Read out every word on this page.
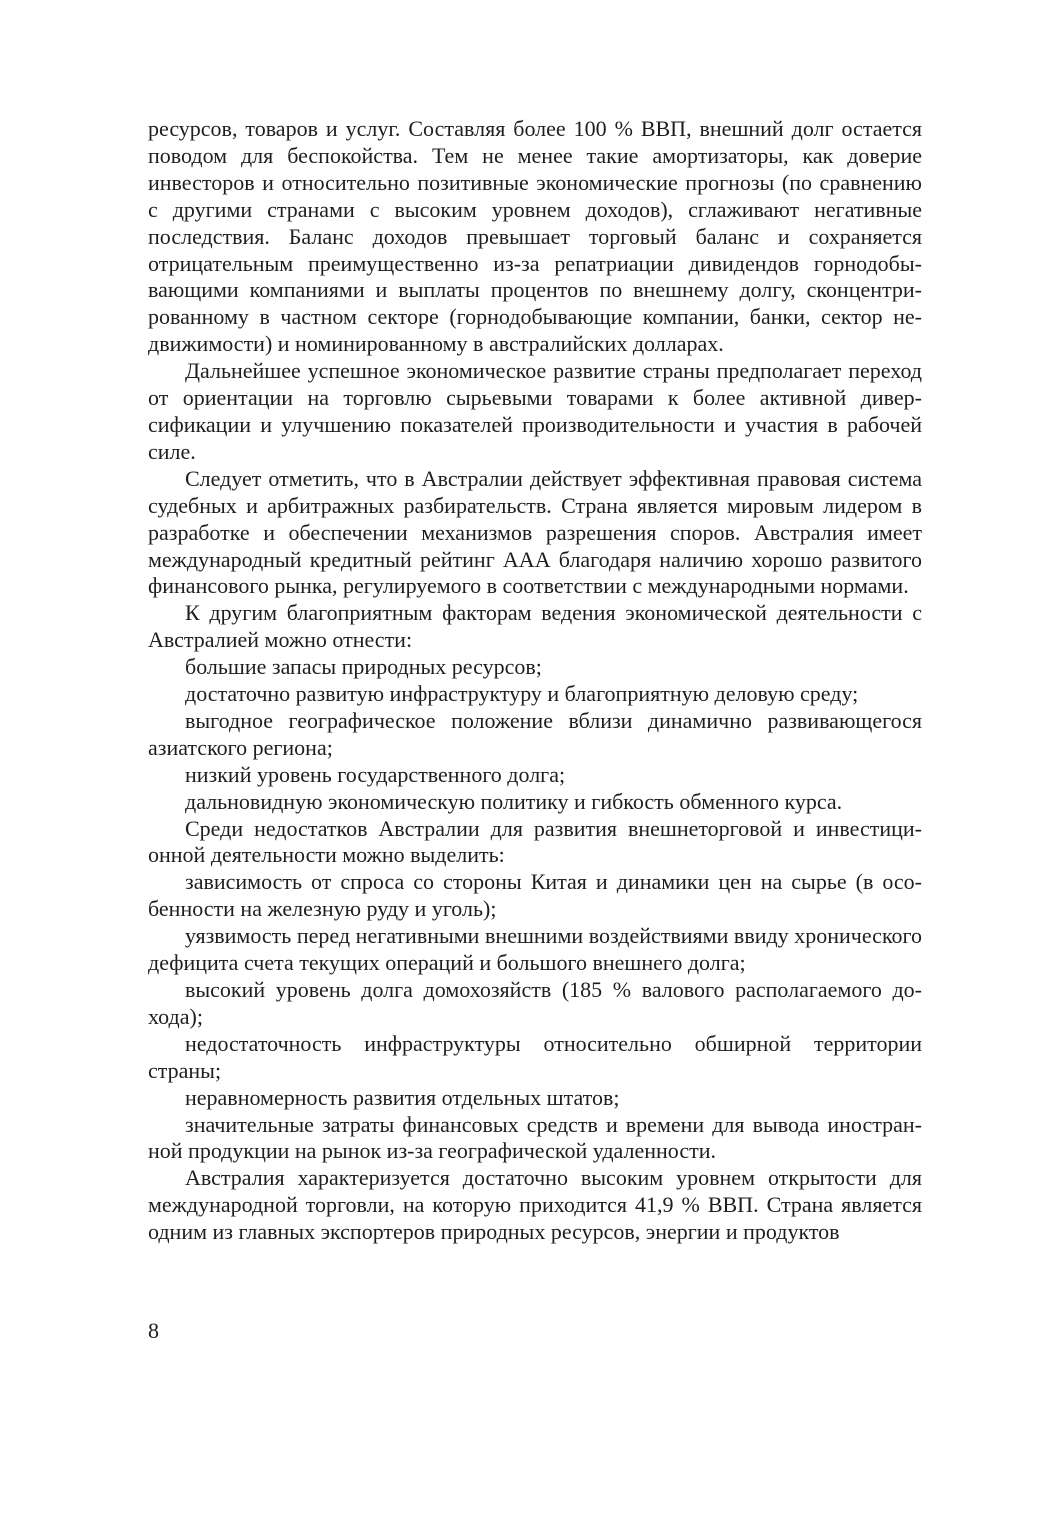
ресурсов, товаров и услуг. Составляя более 100 % ВВП, внешний долг остается поводом для беспокойства. Тем не менее такие амортизаторы, как доверие инвесторов и относительно позитивные экономические прогнозы (по сравнению с другими странами с высоким уровнем доходов), сглаживают негативные последствия. Баланс доходов превышает торговый баланс и сохраняется отрицательным преимущественно из-за репатриации дивидендов горнодобывающими компаниями и выплаты процентов по внешнему долгу, сконцентрированному в частном секторе (горнодобывающие компании, банки, сектор недвижимости) и номинированному в австралийских долларах.

Дальнейшее успешное экономическое развитие страны предполагает переход от ориентации на торговлю сырьевыми товарами к более активной диверсификации и улучшению показателей производительности и участия в рабочей силе.

Следует отметить, что в Австралии действует эффективная правовая система судебных и арбитражных разбирательств. Страна является мировым лидером в разработке и обеспечении механизмов разрешения споров. Австралия имеет международный кредитный рейтинг ААА благодаря наличию хорошо развитого финансового рынка, регулируемого в соответствии с международными нормами.

К другим благоприятным факторам ведения экономической деятельности с Австралией можно отнести:

большие запасы природных ресурсов;

достаточно развитую инфраструктуру и благоприятную деловую среду;

выгодное географическое положение вблизи динамично развивающегося азиатского региона;

низкий уровень государственного долга;

дальновидную экономическую политику и гибкость обменного курса.

Среди недостатков Австралии для развития внешнеторговой и инвестиционной деятельности можно выделить:

зависимость от спроса со стороны Китая и динамики цен на сырье (в особенности на железную руду и уголь);

уязвимость перед негативными внешними воздействиями ввиду хронического дефицита счета текущих операций и большого внешнего долга;

высокий уровень долга домохозяйств (185 % валового располагаемого дохода);

недостаточность инфраструктуры относительно обширной территории страны;

неравномерность развития отдельных штатов;

значительные затраты финансовых средств и времени для вывода иностранной продукции на рынок из-за географической удаленности.

Австралия характеризуется достаточно высоким уровнем открытости для международной торговли, на которую приходится 41,9 % ВВП. Страна является одним из главных экспортеров природных ресурсов, энергии и продуктов

8
